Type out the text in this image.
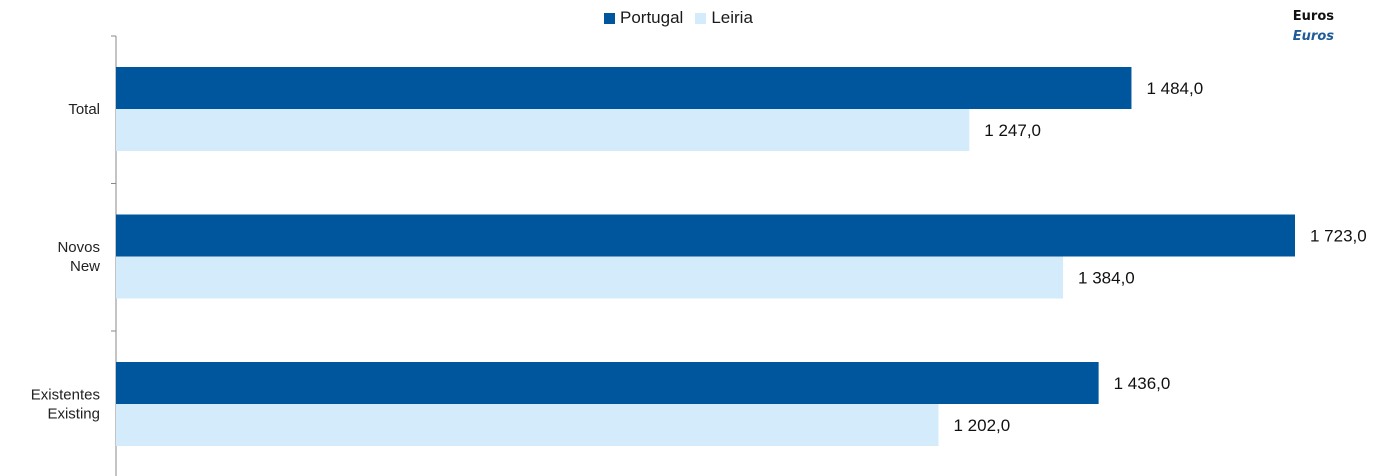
Portugal Leiria	Euros
Euros
Total
1 484,0
1 247,0
Novos New
1 723,0
1 384,0
Existentes Existing
1 436,0
1 202,0
